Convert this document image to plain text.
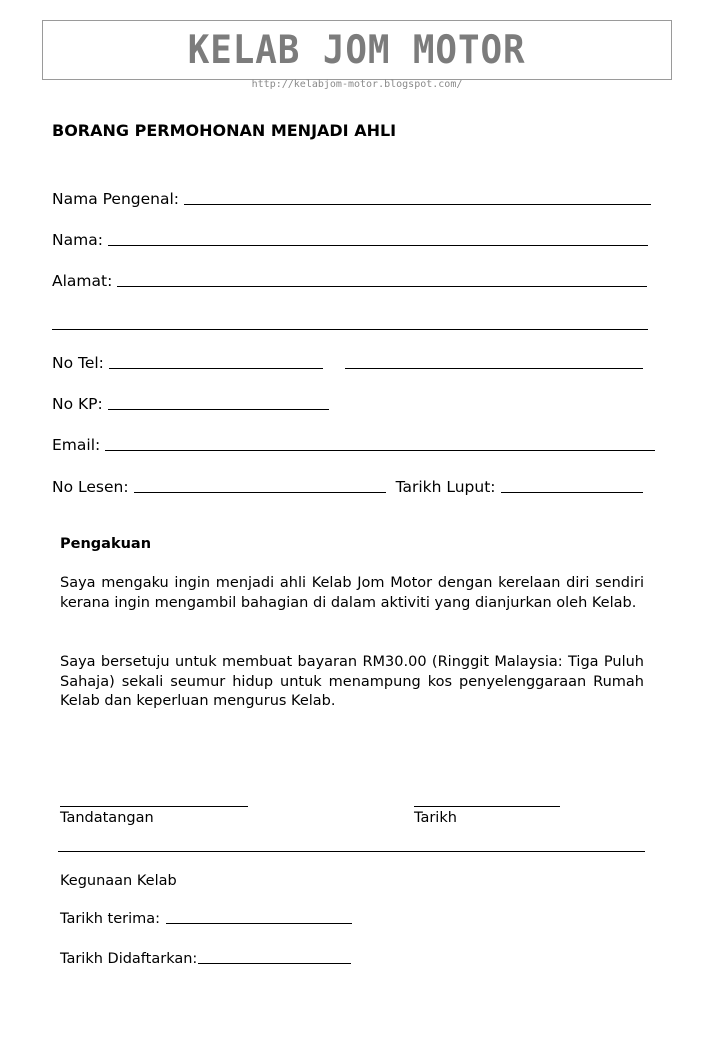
KELAB JOM MOTOR
http://kelabjom-motor.blogspot.com/
BORANG PERMOHONAN MENJADI AHLI
Nama Pengenal:
Nama:
Alamat:
No Tel:
No KP:
Email:
No Lesen:	Tarikh Luput:
Pengakuan
Saya mengaku ingin menjadi ahli Kelab Jom Motor dengan kerelaan diri sendiri kerana ingin mengambil bahagian di dalam aktiviti yang dianjurkan oleh Kelab.
Saya bersetuju untuk membuat bayaran RM30.00 (Ringgit Malaysia: Tiga Puluh Sahaja) sekali seumur hidup untuk menampung kos penyelenggaraan Rumah Kelab dan keperluan mengurus Kelab.
Tandatangan	Tarikh
Kegunaan Kelab
Tarikh terima:
Tarikh Didaftarkan:
